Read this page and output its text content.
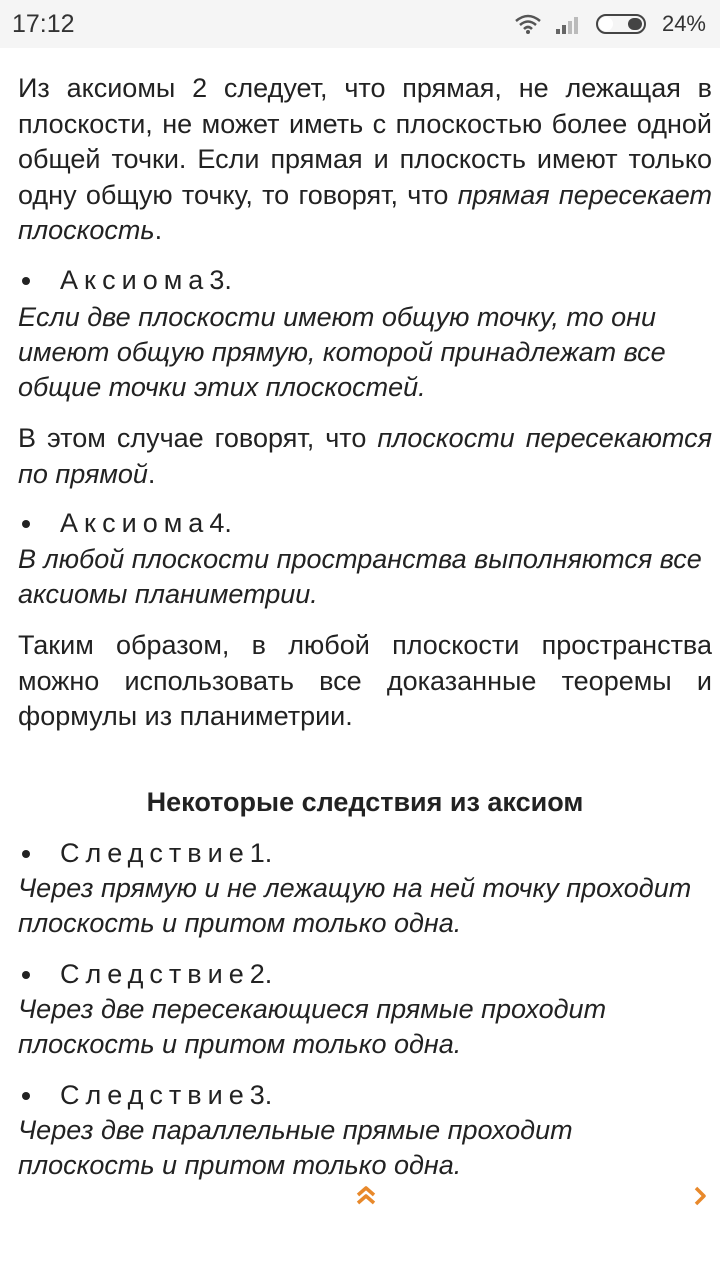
17:12	24%

Из аксиомы 2 следует, что прямая, не лежащая в плоскости, не может иметь с плоскостью более одной общей точки. Если прямая и плоскость имеют только одну общую точку, то говорят, что прямая пересекает плоскость.

Аксиома 3.

Если две плоскости имеют общую точку, то они имеют общую прямую, которой принадлежат все общие точки этих плоскостей.

В этом случае говорят, что плоскости пересекаются по прямой.

Аксиома 4.

В любой плоскости пространства выполняются все аксиомы планиметрии.

Таким образом, в любой плоскости пространства можно использовать все доказанные теоремы и формулы из планиметрии.

Некоторые следствия из аксиом
Следствие 1.

Через прямую и не лежащую на ней точку проходит плоскость и притом только одна.

Следствие 2.

Через две пересекающиеся прямые проходит плоскость и притом только одна.

Следствие 3.

Через две параллельные прямые проходит плоскость и притом только одна.
